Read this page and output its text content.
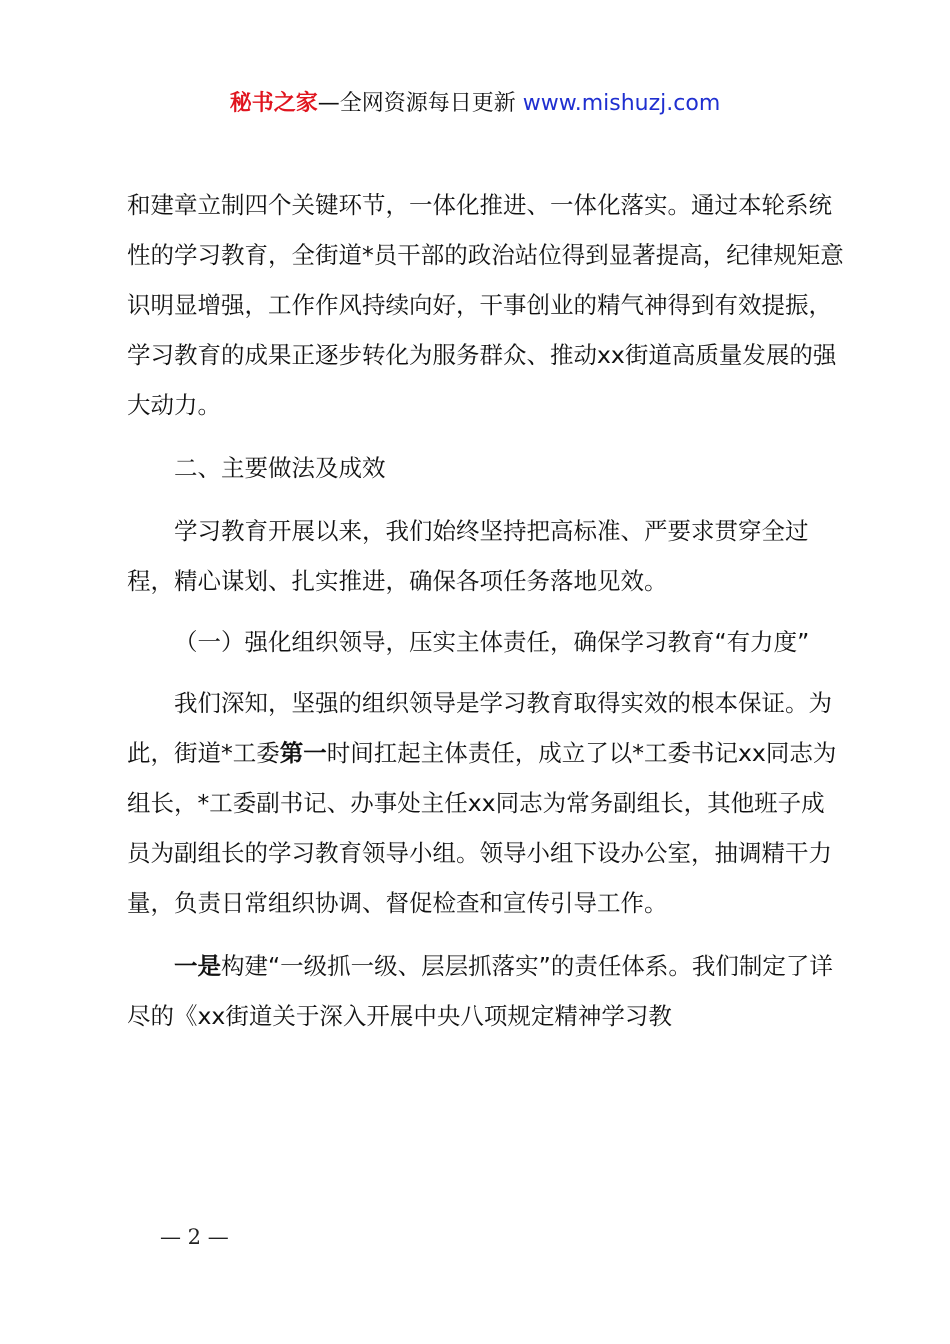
秘书之家—全网资源每日更新 www.mishuzj.com

和建章立制四个关键环节，一体化推进、一体化落实。通过本轮系统性的学习教育，全街道*员干部的政治站位得到显著提高，纪律规矩意识明显增强，工作作风持续向好，干事创业的精气神得到有效提振，学习教育的成果正逐步转化为服务群众、推动xx街道高质量发展的强大动力。

二、主要做法及成效

学习教育开展以来，我们始终坚持把高标准、严要求贯穿全过程，精心谋划、扎实推进，确保各项任务落地见效。

（一）强化组织领导，压实主体责任，确保学习教育“有力度”

我们深知，坚强的组织领导是学习教育取得实效的根本保证。为此，街道*工委第一时间扛起主体责任，成立了以*工委书记xx同志为组长，*工委副书记、办事处主任xx同志为常务副组长，其他班子成员为副组长的学习教育领导小组。领导小组下设办公室，抽调精干力量，负责日常组织协调、督促检查和宣传引导工作。

一是构建“一级抓一级、层层抓落实”的责任体系。我们制定了详尽的《xx街道关于深入开展中央八项规定精神学习教

— 2 —
